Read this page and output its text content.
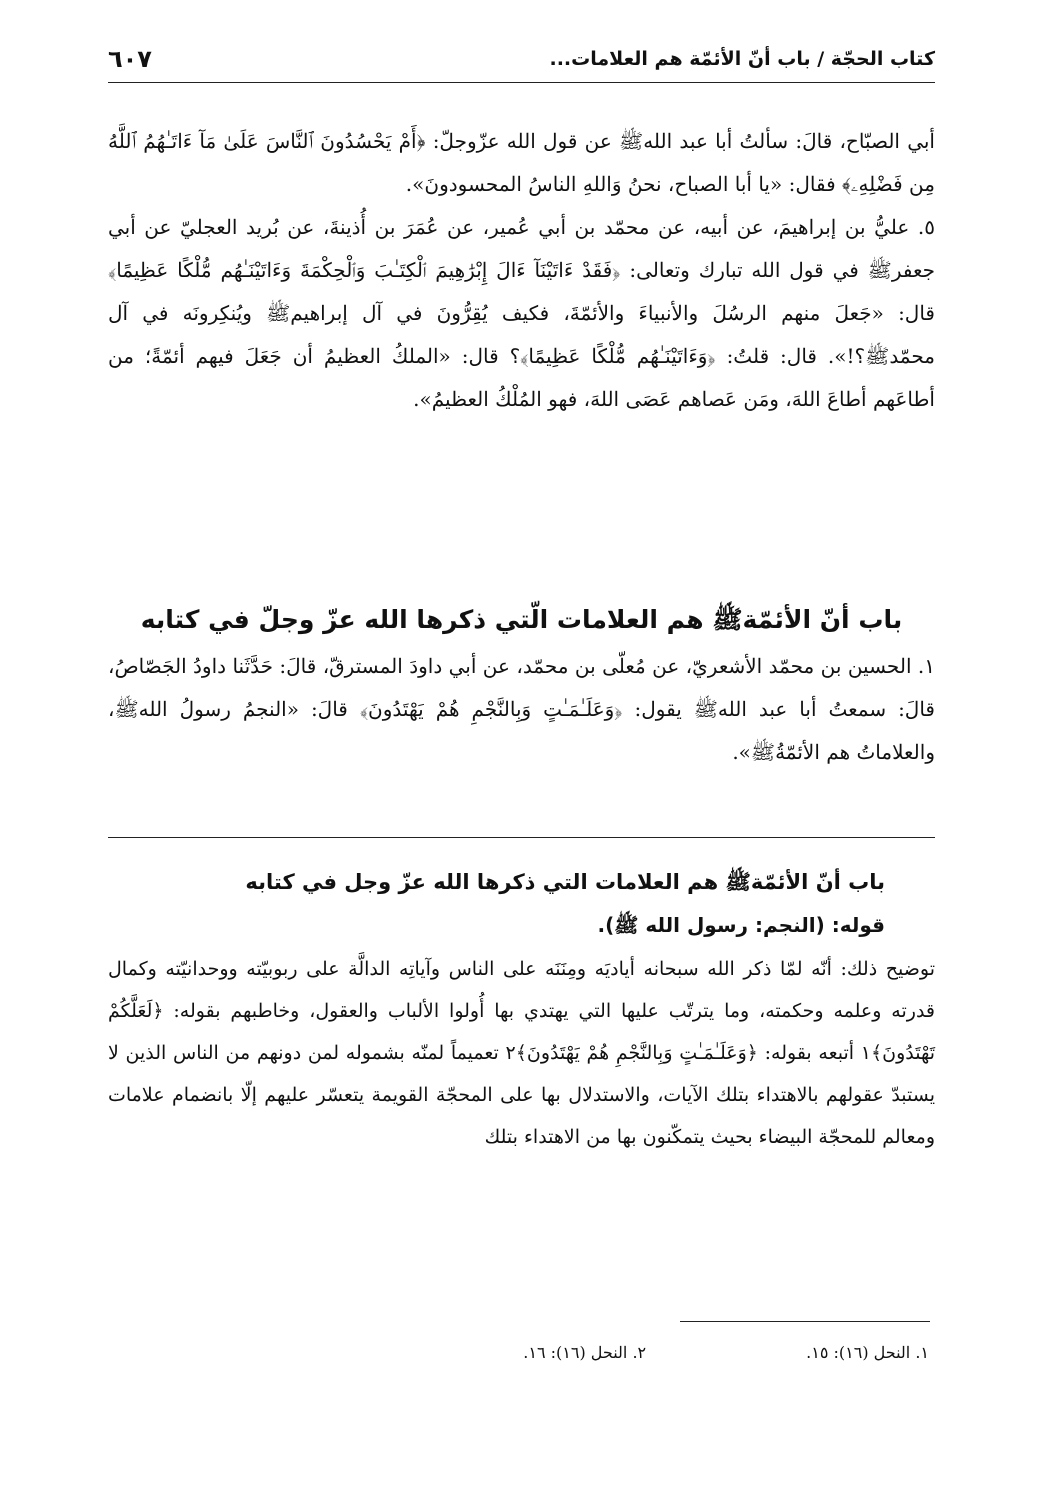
كتاب الحجّة / باب أنّ الأئمّة هم العلامات...
٦٠٧

أبي الصبّاح، قالَ: سألتُ أبا عبد اللهﷺ عن قول الله عزّوجلّ: ﴿أَمْ يَحْسُدُونَ ٱلنَّاسَ عَلَىٰ مَآ ءَاتَـٰهُمُ ٱللَّهُ مِن فَضْلِهِۦ﴾ فقال: «يا أبا الصباح، نحنُ وَاللهِ الناسُ المحسودونَ».

٥. عليُّ بن إبراهيمَ، عن أبيه، عن محمّد بن أبي عُمير، عن عُمَرَ بن أُذينةَ، عن بُريد العجليّ عن أبي جعفرﷺ في قول الله تبارك وتعالى: ﴿فَقَدْ ءَاتَيْنَآ ءَالَ إِبْرَٰهِيمَ ٱلْكِتَـٰبَ وَٱلْحِكْمَةَ وَءَاتَيْنَـٰهُم مُّلْكًا عَظِيمًا﴾ قال: «جَعلَ منهم الرسُلَ والأنبياءَ والأئمّةَ، فكيف يُقِرُّونَ في آل إبراهيمﷺ ويُنكِرونَه في آل محمّدﷺ؟!». قال: قلتُ: ﴿وَءَاتَيْنَـٰهُم مُّلْكًا عَظِيمًا﴾؟ قال: «الملكُ العظيمُ أن جَعَلَ فيهم أئمّةً؛ من أطاعَهم أطاعَ اللهَ، ومَن عَصاهم عَصَى اللهَ، فهو المُلْكُ العظيمُ».

باب أنّ الأئمّةﷺ هم العلامات الّتي ذكرها الله عزّ وجلّ في كتابه

١. الحسين بن محمّد الأشعريّ، عن مُعلّى بن محمّد، عن أبي داودَ المسترقّ، قالَ: حَدَّثَنا داودُ الجَصّاصُ، قالَ: سمعتُ أبا عبد اللهﷺ يقول: ﴿وَعَلَـٰمَـٰتٍ وَبِالنَّجْمِ هُمْ يَهْتَدُونَ﴾ قالَ: «النجمُ رسولُ اللهﷺ، والعلاماتُ هم الأئمّةُﷺ».

باب أنّ الأئمّةﷺ هم العلامات التي ذكرها الله عزّ وجل في كتابه

قوله: (النجم: رسول الله ﷺ).

توضيح ذلك: أنّه لمّا ذكر الله سبحانه أياديَه ومِنَنَه على الناس وآياتِه الدالَّة على ربوبيّته ووحدانيّته وكمال قدرته وعلمه وحكمته، وما يترتّب عليها التي يهتدي بها أُولوا الألباب والعقول، وخاطبهم بقوله: ﴿لَعَلَّكُمْ تَهْتَدُونَ﴾١ أتبعه بقوله: ﴿وَعَلَـٰمَـٰتٍ وَبِالنَّجْمِ هُمْ يَهْتَدُونَ﴾٢ تعميماً لمنّه بشموله لمن دونهم من الناس الذين لا يستبدّ عقولهم بالاهتداء بتلك الآيات، والاستدلال بها على المحجّة القويمة يتعسّر عليهم إلّا بانضمام علامات ومعالم للمحجّة البيضاء بحيث يتمكّنون بها من الاهتداء بتلك

١. النحل (١٦): ١٥.
٢. النحل (١٦): ١٦.
